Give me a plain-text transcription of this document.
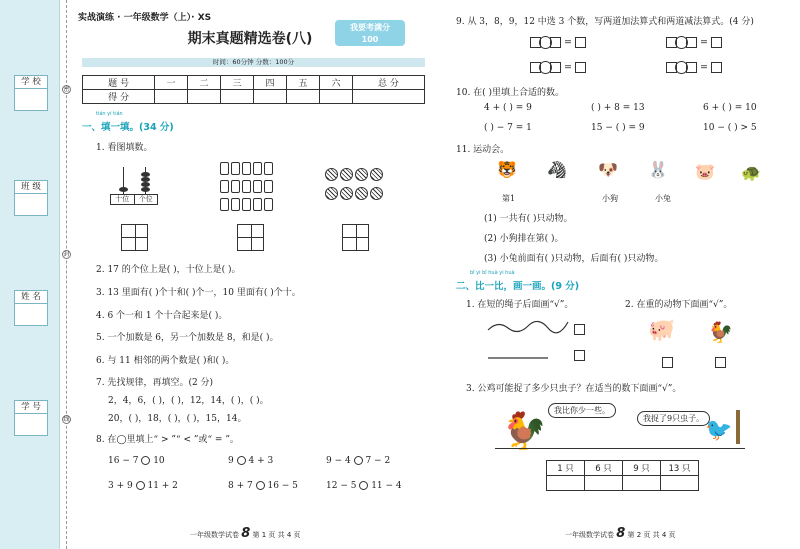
学 校
班 级
姓 名
学 号
密
封
线
实战演练 · 一年级数学（上）· XS
期末真题精选卷(八)
我要考满分
100
时间：60分钟 分数：100分
题 号	一	二	三	四	五	六	总 分
得 分							
tián yi tián
一、填一填。(34 分)
1. 看图填数。
十位	个位
2. 17 的个位上是( )，十位上是( )。
3. 13 里面有( )个十和( )个一，10 里面有( )个十。
4. 6 个一和 1 个十合起来是( )。
5. 一个加数是 6，另一个加数是 8，和是( )。
6. 与 11 相邻的两个数是( )和( )。
7. 先找规律，再填空。(2 分)
2，4，6，( )，( )，12，14，( )，( )。
20，( )，18，( )，( )，15，14。
8. 在◯里填上“ > ”“ < ”或“ = ”。
16 − 7 10	9 4 + 3	9 − 4 7 − 2
3 + 9 11 + 2	8 + 7 16 − 5	12 − 5 11 − 4
一年级数学试卷 8 第 1 页 共 4 页
9. 从 3，8，9，12 中选 3 个数，写两道加法算式和两道减法算式。(4 分)
=	=
=	=
10. 在( )里填上合适的数。
4 + ( ) = 9	( ) + 8 = 13	6 + ( ) = 10
( ) − 7 = 1	15 − ( ) = 9	10 − ( ) > 5
11. 运动会。
🐯 🦓 🐶 🐰 🐷 🐢
第1	小狗	小兔
(1) 一共有( )只动物。
(2) 小狗排在第( )。
(3) 小兔前面有( )只动物，后面有( )只动物。
bǐ yi bǐ huà yi huà
二、比一比，画一画。(9 分)
1. 在短的绳子后面画“√”。	2. 在重的动物下面画“√”。
🐖 🐓
3. 公鸡可能捉了多少只虫子？在适当的数下面画“√”。
🐓
我比你少一些。
我捉了9只虫子。 🐦
1 只	6 只	9 只	13 只

一年级数学试卷 8 第 2 页 共 4 页
